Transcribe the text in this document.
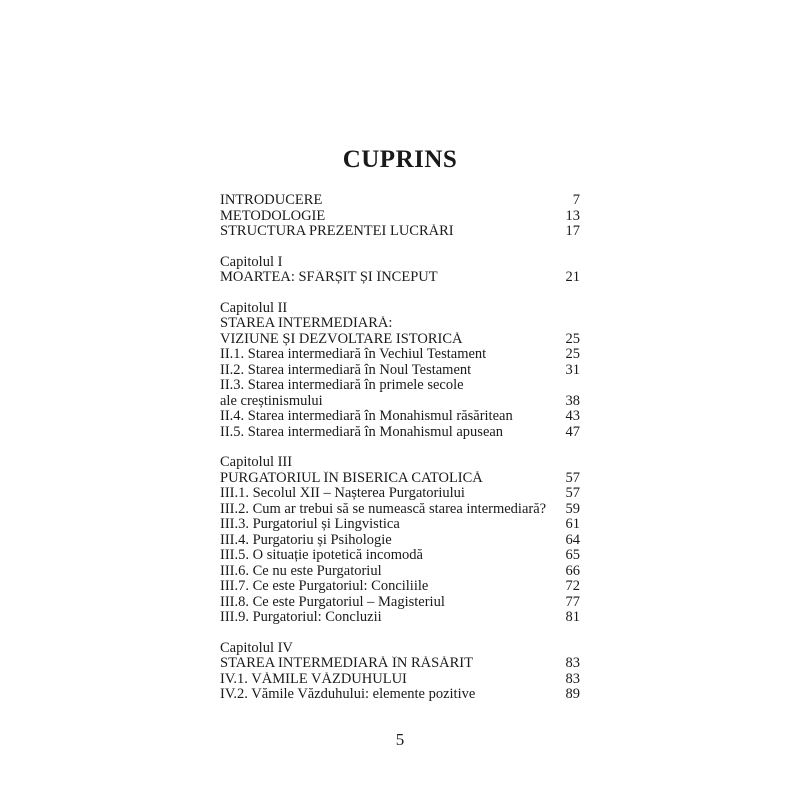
CUPRINS
INTRODUCERE	7
METODOLOGIE	13
STRUCTURA PREZENTEI LUCRĂRI	17
Capitolul I
MOARTEA: SFÂRȘIT ȘI ÎNCEPUT	21
Capitolul II
STAREA INTERMEDIARĂ:
VIZIUNE ȘI DEZVOLTARE ISTORICĂ	25
II.1. Starea intermediară în Vechiul Testament	25
II.2. Starea intermediară în Noul Testament	31
II.3. Starea intermediară în primele secole
ale creștinismului	38
II.4. Starea intermediară în Monahismul răsăritean	43
II.5. Starea intermediară în Monahismul apusean	47
Capitolul III
PURGATORIUL ÎN BISERICA CATOLICĂ	57
III.1. Secolul XII – Nașterea Purgatoriului	57
III.2. Cum ar trebui să se numească starea intermediară? 59
III.3. Purgatoriul și Lingvistica	61
III.4. Purgatoriu și Psihologie	64
III.5. O situație ipotetică incomodă	65
III.6. Ce nu este Purgatoriul	66
III.7. Ce este Purgatoriul: Conciliile	72
III.8. Ce este Purgatoriul – Magisteriul	77
III.9. Purgatoriul: Concluzii	81
Capitolul IV
STAREA INTERMEDIARĂ ÎN RĂSĂRIT	83
IV.1. VĂMILE VĂZDUHULUI	83
IV.2. Vămile Văzduhului: elemente pozitive	89
5
